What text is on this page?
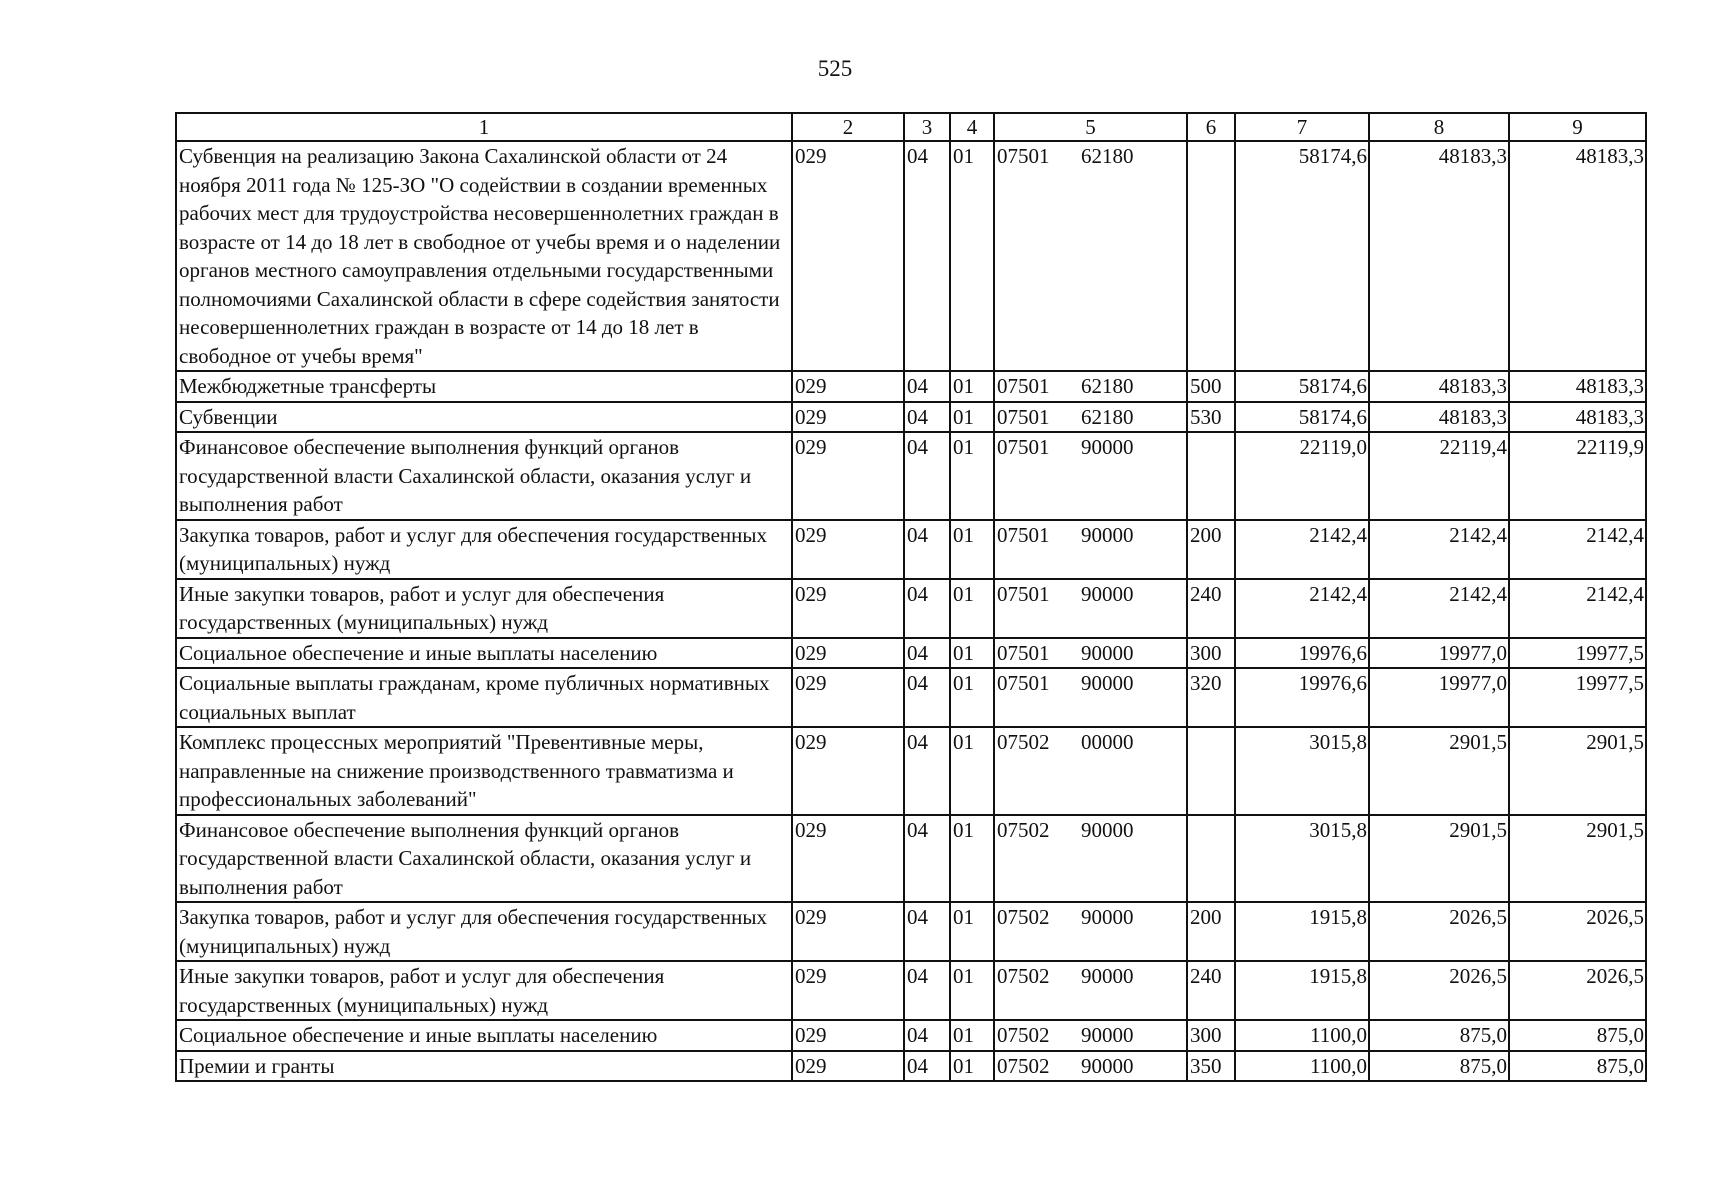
525
1	2	3	4	5	6	7	8	9
Субвенция на реализацию Закона Сахалинской области от 24 ноября 2011 года № 125-ЗО "О содействии в создании временных рабочих мест для трудоустройства несовершеннолетних граждан в возрасте от 14 до 18 лет в свободное от учебы время и о наделении органов местного самоуправления отдельными государственными полномочиями Сахалинской области в сфере содействия занятости несовершеннолетних граждан в возрасте от 14 до 18 лет в свободное от учебы время"	029	04	01	07501      62180		58174,6	48183,3	48183,3
Межбюджетные трансферты	029	04	01	07501      62180	500	58174,6	48183,3	48183,3
Субвенции	029	04	01	07501      62180	530	58174,6	48183,3	48183,3
Финансовое обеспечение выполнения функций органов государственной власти Сахалинской области, оказания услуг и выполнения работ	029	04	01	07501      90000		22119,0	22119,4	22119,9
Закупка товаров, работ и услуг для обеспечения государственных (муниципальных) нужд	029	04	01	07501      90000	200	2142,4	2142,4	2142,4
Иные закупки товаров, работ и услуг для обеспечения государственных (муниципальных) нужд	029	04	01	07501      90000	240	2142,4	2142,4	2142,4
Социальное обеспечение и иные выплаты населению	029	04	01	07501      90000	300	19976,6	19977,0	19977,5
Социальные выплаты гражданам, кроме публичных нормативных социальных выплат	029	04	01	07501      90000	320	19976,6	19977,0	19977,5
Комплекс процессных мероприятий "Превентивные меры, направленные на снижение производственного травматизма и профессиональных заболеваний"	029	04	01	07502      00000		3015,8	2901,5	2901,5
Финансовое обеспечение выполнения функций органов государственной власти Сахалинской области, оказания услуг и выполнения работ	029	04	01	07502      90000		3015,8	2901,5	2901,5
Закупка товаров, работ и услуг для обеспечения государственных (муниципальных) нужд	029	04	01	07502      90000	200	1915,8	2026,5	2026,5
Иные закупки товаров, работ и услуг для обеспечения государственных (муниципальных) нужд	029	04	01	07502      90000	240	1915,8	2026,5	2026,5
Социальное обеспечение и иные выплаты населению	029	04	01	07502      90000	300	1100,0	875,0	875,0
Премии и гранты	029	04	01	07502      90000	350	1100,0	875,0	875,0
